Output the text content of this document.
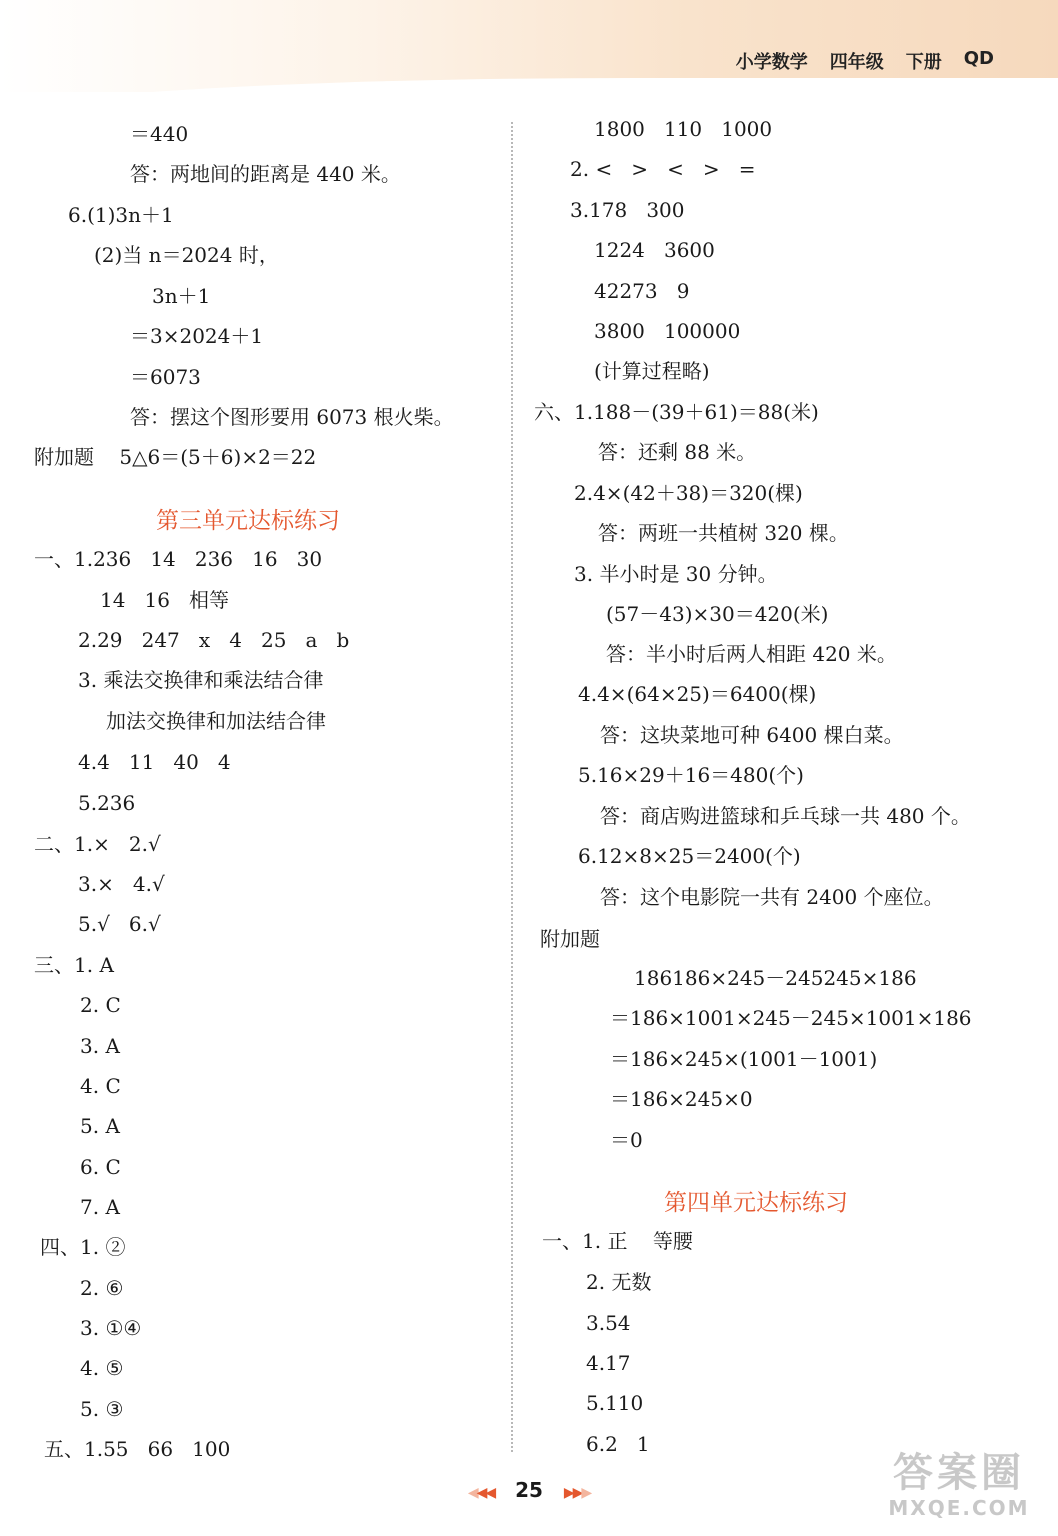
小学数学 四年级 下册 QD
＝440
答：两地间的距离是 440 米。
6.(1)3n＋1
(2)当 n＝2024 时，
3n＋1
＝3×2024＋1
＝6073
答：摆这个图形要用 6073 根火柴。
附加题    5△6＝(5＋6)×2＝22
一、1.236   14   236   16   30
14   16   相等
2.29   247   x   4   25   a   b
3. 乘法交换律和乘法结合律
加法交换律和加法结合律
4.4   11   40   4
5.236
二、1.×   2.√
3.×   4.√
5.√   6.√
三、1. A
2. C
3. A
4. C
5. A
6. C
7. A
四、1. ②
2. ⑥
3. ①④
4. ⑤
5. ③
五、1.55   66   100
第三单元达标练习
1800   110   1000
2. <   >   <   >   =
3.178   300
1224   3600
42273   9
3800   100000
(计算过程略)
六、1.188－(39＋61)＝88(米)
答：还剩 88 米。
2.4×(42＋38)＝320(棵)
答：两班一共植树 320 棵。
3. 半小时是 30 分钟。
(57－43)×30＝420(米)
答：半小时后两人相距 420 米。
4.4×(64×25)＝6400(棵)
答：这块菜地可种 6400 棵白菜。
5.16×29＋16＝480(个)
答：商店购进篮球和乒乓球一共 480 个。
6.12×8×25＝2400(个)
答：这个电影院一共有 2400 个座位。
附加题
186186×245－245245×186
＝186×1001×245－245×1001×186
＝186×245×(1001－1001)
＝186×245×0
＝0
一、1. 正    等腰
2. 无数
3.54
4.17
5.110
6.2   1
第四单元达标练习
◀◀◀ 25 ▶▶▶	答案圈
MXQE.COM
